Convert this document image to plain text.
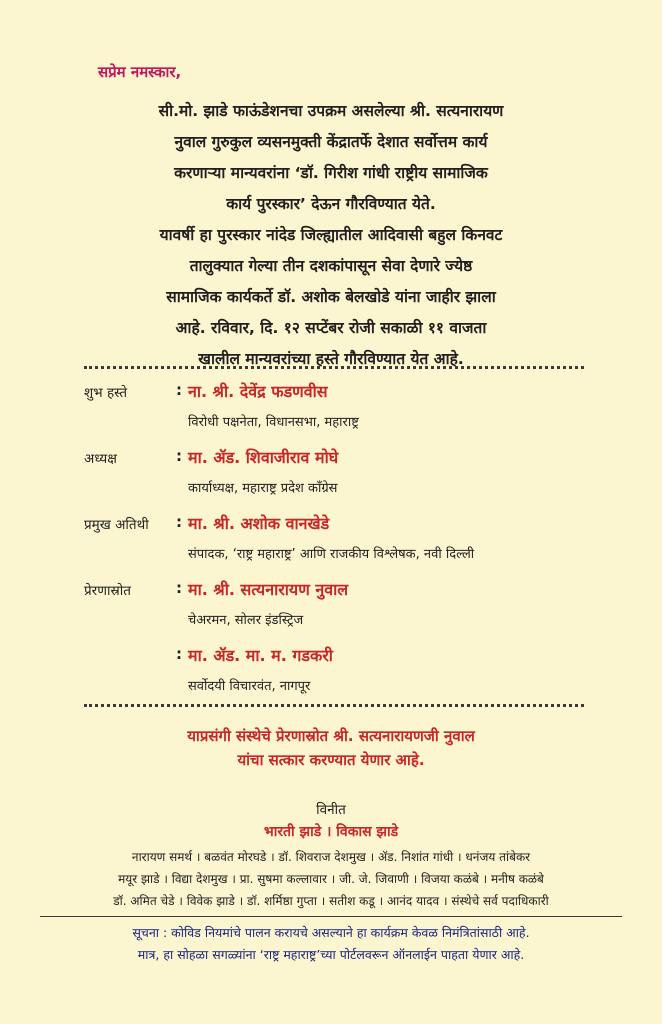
सप्रेम नमस्कार,

सी.मो. झाडे फाऊंडेशनचा उपक्रम असलेल्या श्री. सत्यनारायण
नुवाल गुरुकुल व्यसनमुक्ती केंद्रातर्फे देशात सर्वोत्तम कार्य
करणाऱ्या मान्यवरांना ‘डॉ. गिरीश गांधी राष्ट्रीय सामाजिक
कार्य पुरस्कार’ देऊन गौरविण्यात येते.

यावर्षी हा पुरस्कार नांदेड जिल्ह्यातील आदिवासी बहुल किनवट
तालुक्यात गेल्या तीन दशकांपासून सेवा देणारे ज्येष्ठ
सामाजिक कार्यकर्ते डॉ. अशोक बेलखोडे यांना जाहीर झाला
आहे. रविवार, दि. १२ सप्टेंबर रोजी सकाळी ११ वाजता
खालील मान्यवरांच्या हस्ते गौरविण्यात येत आहे.

शुभ हस्ते	: ना. श्री. देवेंद्र फडणवीस
विरोधी पक्षनेता, विधानसभा, महाराष्ट्र
अध्यक्ष	: मा. ॲड. शिवाजीराव मोघे
कार्याध्यक्ष, महाराष्ट्र प्रदेश काँग्रेस
प्रमुख अतिथी : मा. श्री. अशोक वानखेडे
संपादक, ‘राष्ट्र महाराष्ट्र’ आणि राजकीय विश्लेषक, नवी दिल्ली
प्रेरणास्रोत	: मा. श्री. सत्यनारायण नुवाल
चेअरमन, सोलर इंडस्ट्रिज
: मा. ॲड. मा. म. गडकरी
सर्वोदयी विचारवंत, नागपूर
याप्रसंगी संस्थेचे प्रेरणास्रोत श्री. सत्यनारायणजी नुवाल
यांचा सत्कार करण्यात येणार आहे.
विनीत
भारती झाडे । विकास झाडे
नारायण समर्थ । बळवंत मोरघडे । डॉ. शिवराज देशमुख । ॲड. निशांत गांधी । धनंजय तांबेकर
मयूर झाडे । विद्या देशमुख । प्रा. सुषमा कल्लावार । जी. जे. जिवाणी । विजया कळंबे । मनीष कळंबे
डॉ. अमित चेडे । विवेक झाडे । डॉ. शर्मिष्ठा गुप्ता । सतीश कडू । आनंद यादव । संस्थेचे सर्व पदाधिकारी
सूचना : कोविड नियमांचे पालन करायचे असल्याने हा कार्यक्रम केवळ निमंत्रितांसाठी आहे.
मात्र, हा सोहळा सगळ्यांना ‘राष्ट्र महाराष्ट्र’च्या पोर्टलवरून ऑनलाईन पाहता येणार आहे.
